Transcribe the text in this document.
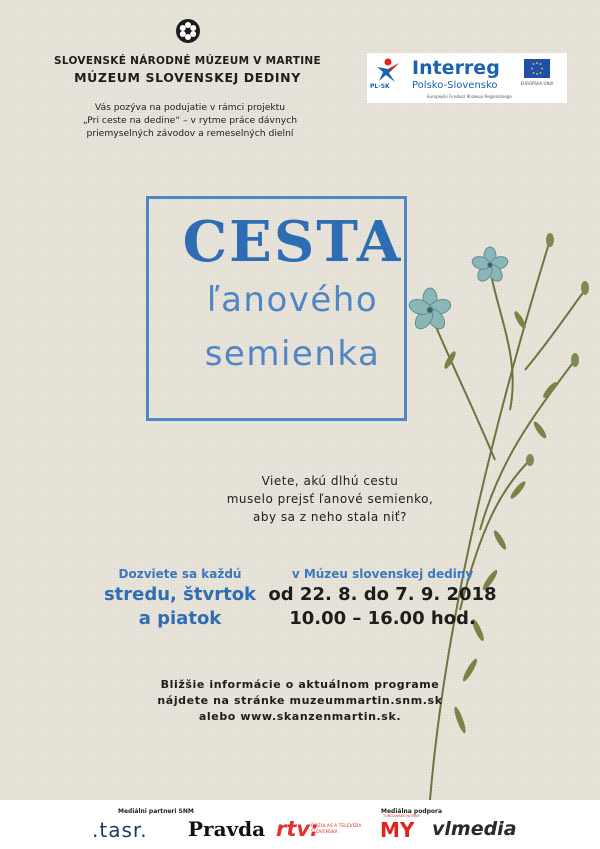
SLOVENSKÉ NÁRODNÉ MÚZEUM V MARTINE
MÚZEUM SLOVENSKEJ DEDINY
Vás pozýva na podujatie v rámci projektu
„Pri ceste na dedine“ – v rytme práce dávnych
priemyselných závodov a remeselných dielní
PL-SK
Interreg
Polsko-Slovensko
Europejski Fundusz Rozwoju Regionalnego
EURÓPSKA ÚNIA
CESTA
ľanového
semienka
Viete, akú dlhú cestu
muselo prejsť ľanové semienko,
aby sa z neho stala niť?
Dozviete sa každú
stredu, štvrtok
a piatok
v Múzeu slovenskej dediny
od 22. 8. do 7. 9. 2018
10.00 – 16.00 hod.
Bližšie informácie o aktuálnom programe
nájdete na stránke muzeummartin.snm.sk
alebo www.skanzenmartin.sk.
Mediálni partneri SNM	Mediálna podpora
.tasr. Pravda rtv:
ROZHLAS A TELEVÍZIA
SLOVENSKA
TURČIANSKE NOVINY
MY vlmedia
